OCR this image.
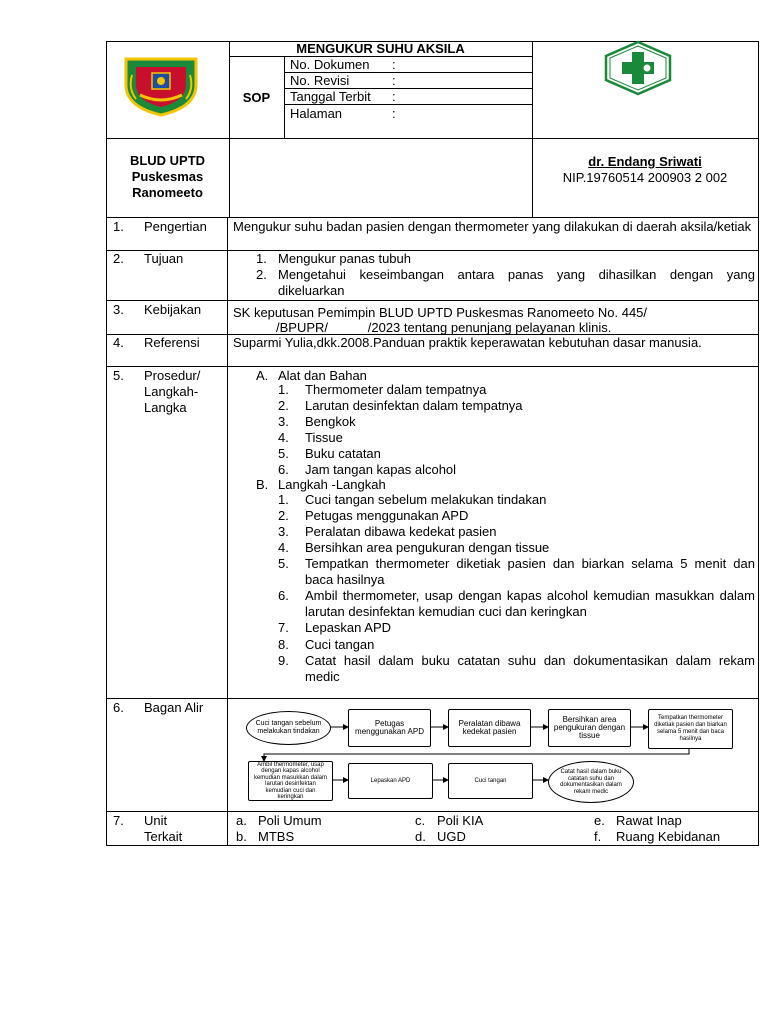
MENGUKUR SUHU AKSILA
SOP
No. Dokumen :
No. Revisi	:
Tanggal Terbit :
Halaman	:
BLUD UPTD
Puskesmas
Ranomeeto
dr. Endang Sriwati
NIP.19760514 200903 2 002
1. Pengertian Mengukur suhu badan pasien dengan thermometer yang dilakukan di daerah aksila/ketiak
2. Tujuan	1. Mengukur panas tubuh
2. Mengetahui keseimbangan antara panas yang dihasilkan dengan yang dikeluarkan
3. Kebijakan SK keputusan Pemimpin BLUD UPTD Puskesmas Ranomeeto No. 445/
/BPUPR/           /2023 tentang penunjang pelayanan klinis.
4. Referensi	Suparmi Yulia,dkk.2008.Panduan praktik keperawatan kebutuhan dasar manusia.
5. Prosedur/
Langkah-
Langka
A. Alat dan Bahan
1. Thermometer dalam tempatnya
2. Larutan desinfektan dalam tempatnya
3. Bengkok
4. Tissue
5. Buku catatan
6. Jam tangan kapas alcohol
B. Langkah -Langkah
1. Cuci tangan sebelum melakukan tindakan
2. Petugas menggunakan APD
3. Peralatan dibawa kedekat pasien
4. Bersihkan area pengukuran dengan tissue
5. Tempatkan thermometer diketiak pasien dan biarkan selama 5 menit dan baca hasilnya
6. Ambil thermometer, usap dengan kapas alcohol kemudian masukkan dalam larutan desinfektan kemudian cuci dan keringkan
7. Lepaskan APD
8. Cuci tangan
9. Catat hasil dalam buku catatan suhu dan dokumentasikan dalam rekam medic
6. Bagan Alir
Cuci tangan sebelum melakukan tindakan
Petugas menggunakan APD
Peralatan dibawa kedekat pasien
Bersihkan area pengukuran dengan tissue
Tempatkan thermometer diketiak pasien dan biarkan selama 5 menit dan baca hasilnya
Ambil thermometer, usap dengan kapas alcohol kemudian masukkan dalam larutan desinfektan kemudian cuci dan keringkan
Lepaskan APD	Cuci tangan
Catat hasil dalam buku catatan suhu dan dokumentasikan dalam rekam medic
7. Unit
Terkait
a. Poli Umum	c. Poli KIA	e. Rawat Inap
b. MTBS	d. UGD	f. Ruang Kebidanan
